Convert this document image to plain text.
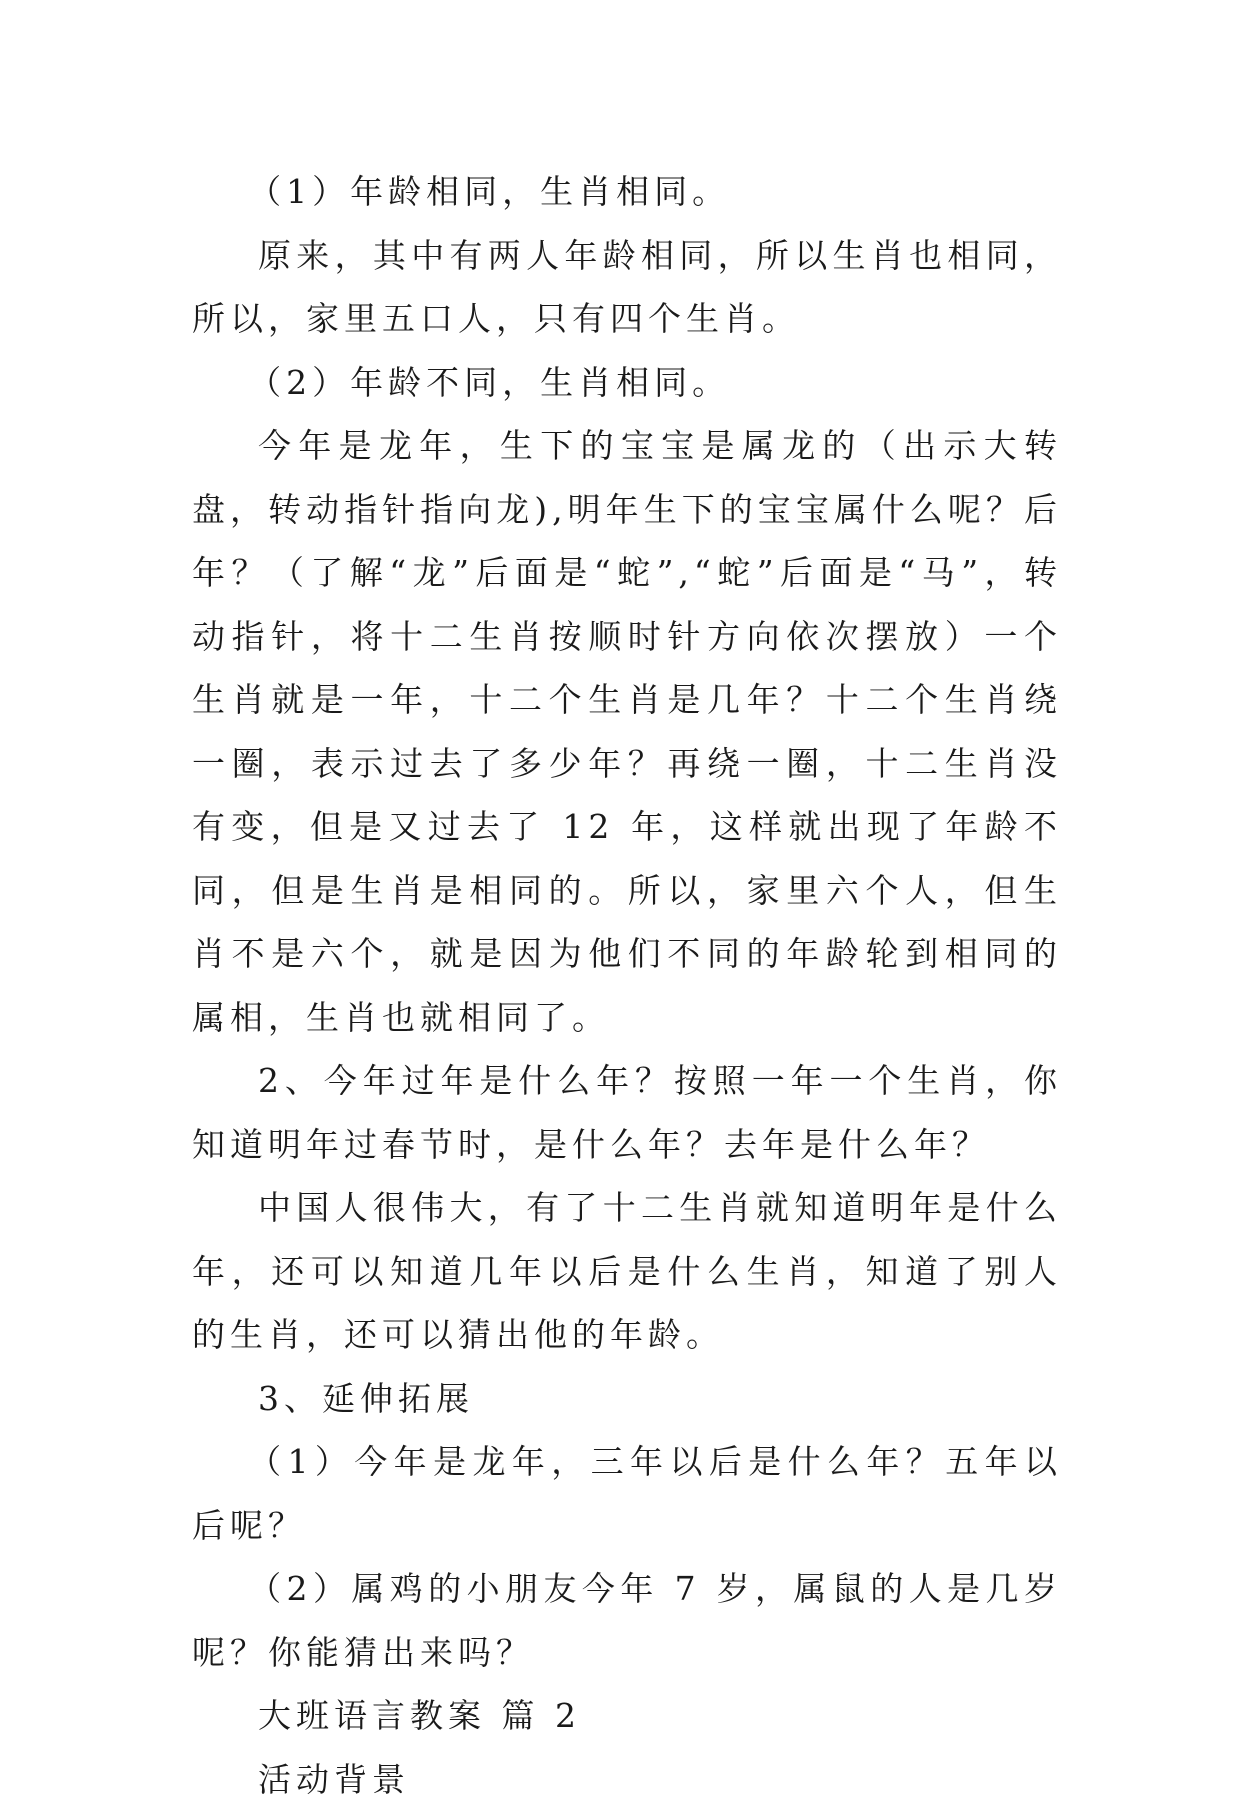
（1）年龄相同，生肖相同。

原来，其中有两人年龄相同，所以生肖也相同，所以，家里五口人，只有四个生肖。

（2）年龄不同，生肖相同。

今年是龙年，生下的宝宝是属龙的（出示大转盘，转动指针指向龙),明年生下的宝宝属什么呢？后年？（了解“龙”后面是“蛇”,“蛇”后面是“马”，转动指针，将十二生肖按顺时针方向依次摆放）一个生肖就是一年，十二个生肖是几年？十二个生肖绕一圈，表示过去了多少年？再绕一圈，十二生肖没有变，但是又过去了 12 年，这样就出现了年龄不同，但是生肖是相同的。所以，家里六个人，但生肖不是六个，就是因为他们不同的年龄轮到相同的属相，生肖也就相同了。

2、今年过年是什么年？按照一年一个生肖，你知道明年过春节时，是什么年？去年是什么年？

中国人很伟大，有了十二生肖就知道明年是什么年，还可以知道几年以后是什么生肖，知道了别人的生肖，还可以猜出他的年龄。

3、延伸拓展

（1）今年是龙年，三年以后是什么年？五年以后呢？

（2）属鸡的小朋友今年 7 岁，属鼠的人是几岁呢？你能猜出来吗？

大班语言教案 篇 2

活动背景
